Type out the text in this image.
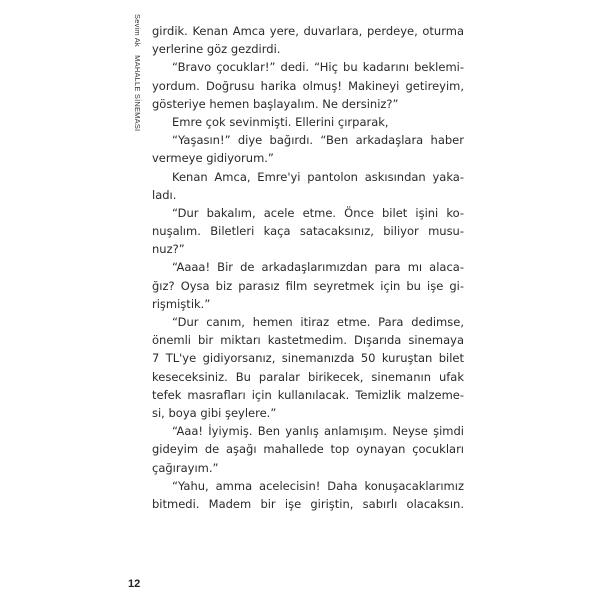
Sevim Ak MAHALLE SİNEMASI
girdik. Kenan Amca yere, duvarlara, perdeye, oturma
yerlerine göz gezdirdi.
“Bravo çocuklar!” dedi. “Hiç bu kadarını beklemi-
yordum. Doğrusu harika olmuş! Makineyi getireyim,
gösteriye hemen başlayalım. Ne dersiniz?”
Emre çok sevinmişti. Ellerini çırparak,
“Yaşasın!” diye bağırdı. “Ben arkadaşlara haber
vermeye gidiyorum.”
Kenan Amca, Emre'yi pantolon askısından yaka-
ladı.
“Dur bakalım, acele etme. Önce bilet işini ko-
nuşalım. Biletleri kaça satacaksınız, biliyor musu-
nuz?”
“Aaaa! Bir de arkadaşlarımızdan para mı alaca-
ğız? Oysa biz parasız film seyretmek için bu işe gi-
rişmiştik.”
“Dur canım, hemen itiraz etme. Para dedimse,
önemli bir miktarı kastetmedim. Dışarıda sinemaya
7 TL'ye gidiyorsanız, sinemanızda 50 kuruştan bilet
keseceksiniz. Bu paralar birikecek, sinemanın ufak
tefek masrafları için kullanılacak. Temizlik malzeme-
si, boya gibi şeylere.”
“Aaa! İyiymiş. Ben yanlış anlamışım. Neyse şimdi
gideyim de aşağı mahallede top oynayan çocukları
çağırayım.”
“Yahu, amma acelecisin! Daha konuşacaklarımız
bitmedi. Madem bir işe giriştin, sabırlı olacaksın.
12
